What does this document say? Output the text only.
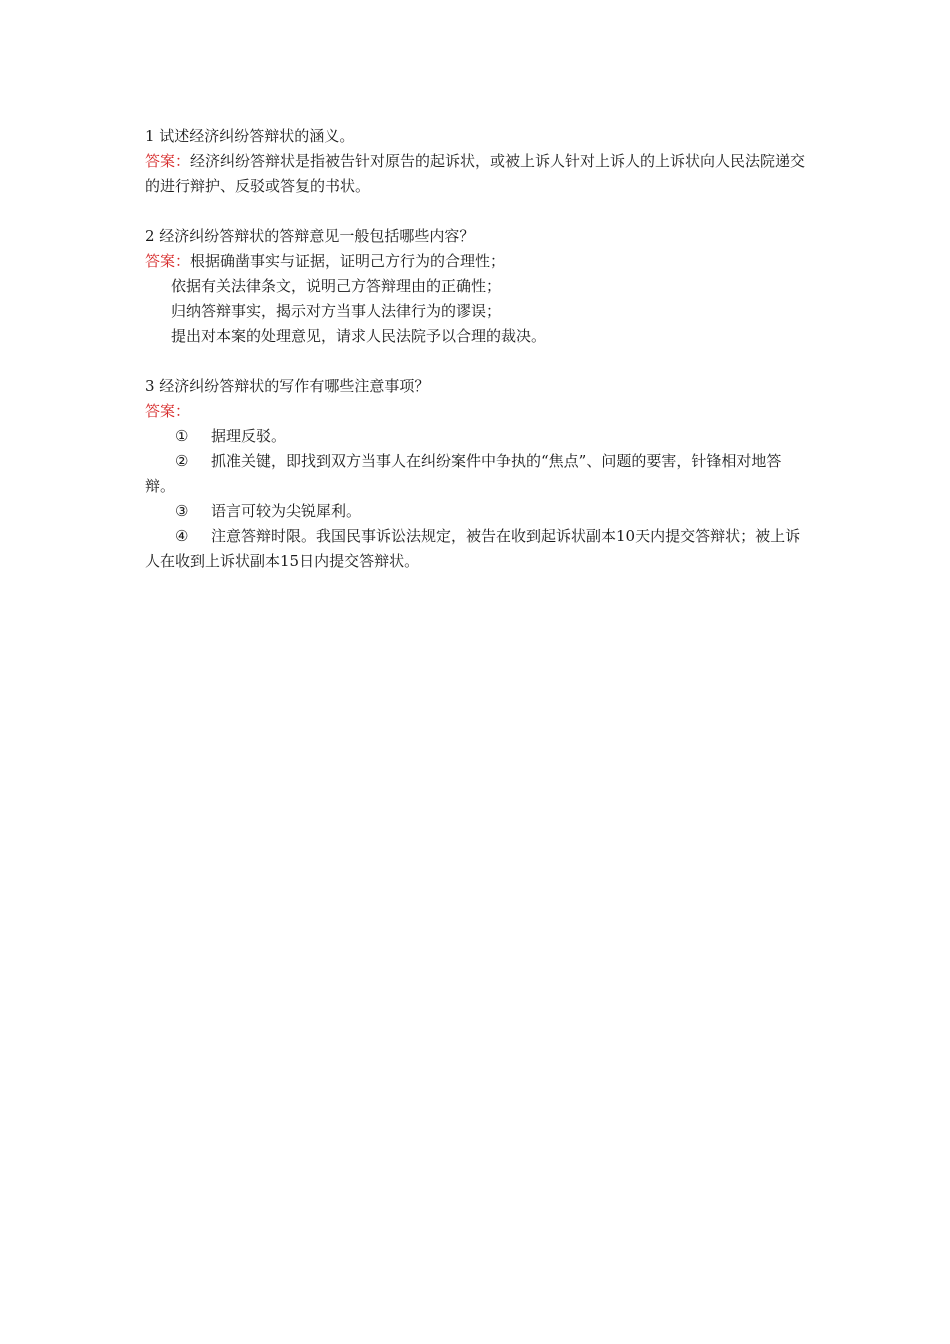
1 试述经济纠纷答辩状的涵义。

答案：经济纠纷答辩状是指被告针对原告的起诉状，或被上诉人针对上诉人的上诉状向人民法院递交的进行辩护、反驳或答复的书状。

2 经济纠纷答辩状的答辩意见一般包括哪些内容？

答案：根据确凿事实与证据，证明己方行为的合理性；

依据有关法律条文，说明己方答辩理由的正确性；

归纳答辩事实，揭示对方当事人法律行为的谬误；

提出对本案的处理意见，请求人民法院予以合理的裁决。

3 经济纠纷答辩状的写作有哪些注意事项？

答案：

① 据理反驳。

② 抓准关键，即找到双方当事人在纠纷案件中争执的“焦点”、问题的要害，针锋相对地答辩。

③ 语言可较为尖锐犀利。

④ 注意答辩时限。我国民事诉讼法规定，被告在收到起诉状副本10天内提交答辩状；被上诉人在收到上诉状副本15日内提交答辩状。
